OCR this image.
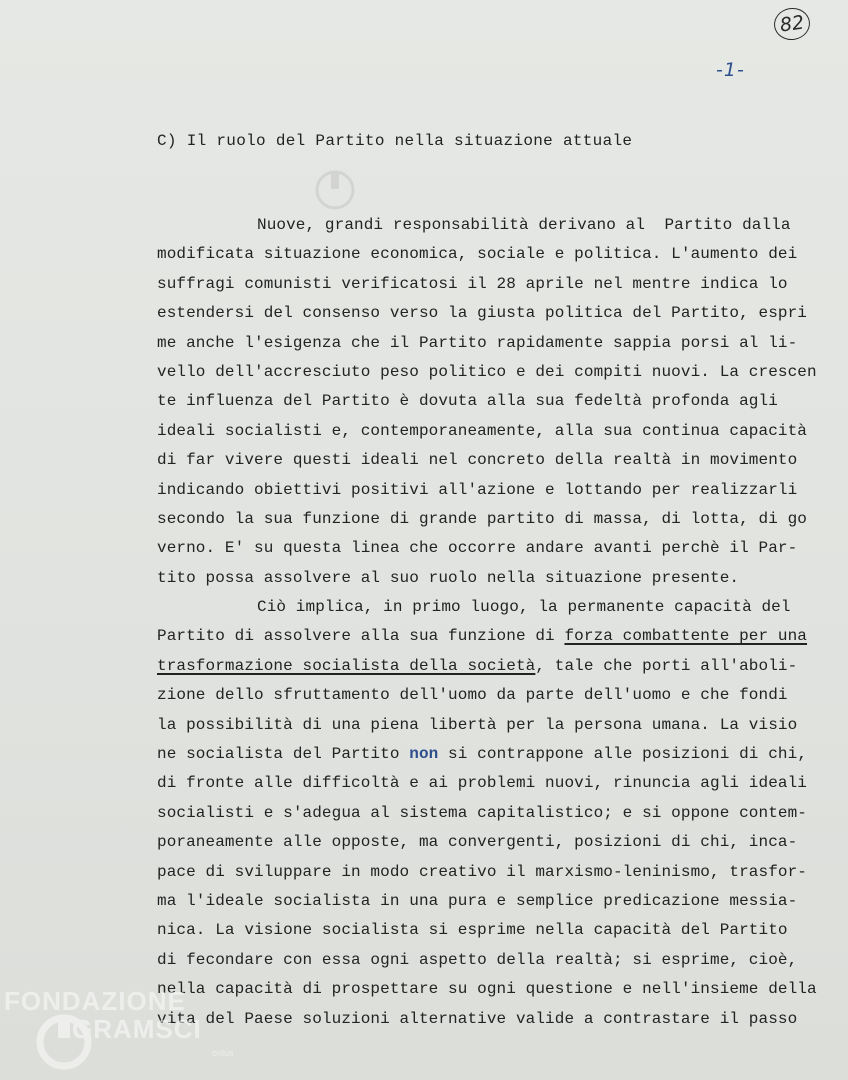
82
-1-
C) Il ruolo del Partito nella situazione attuale
Nuove, grandi responsabilità derivano al  Partito dalla
modificata situazione economica, sociale e politica. L'aumento dei
suffragi comunisti verificatosi il 28 aprile nel mentre indica lo
estendersi del consenso verso la giusta politica del Partito, espri
me anche l'esigenza che il Partito rapidamente sappia porsi al li-
vello dell'accresciuto peso politico e dei compiti nuovi. La crescen
te influenza del Partito è dovuta alla sua fedeltà profonda agli
ideali socialisti e, contemporaneamente, alla sua continua capacità
di far vivere questi ideali nel concreto della realtà in movimento
indicando obiettivi positivi all'azione e lottando per realizzarli
secondo la sua funzione di grande partito di massa, di lotta, di go
verno. E' su questa linea che occorre andare avanti perchè il Par-
tito possa assolvere al suo ruolo nella situazione presente.
Ciò implica, in primo luogo, la permanente capacità del
Partito di assolvere alla sua funzione di forza combattente per una
trasformazione socialista della società, tale che porti all'aboli-
zione dello sfruttamento dell'uomo da parte dell'uomo e che fondi
la possibilità di una piena libertà per la persona umana. La visio
ne socialista del Partito non si contrappone alle posizioni di chi,
di fronte alle difficoltà e ai problemi nuovi, rinuncia agli ideali
socialisti e s'adegua al sistema capitalistico; e si oppone contem-
poraneamente alle opposte, ma convergenti, posizioni di chi, inca-
pace di sviluppare in modo creativo il marxismo-leninismo, trasfor-
ma l'ideale socialista in una pura e semplice predicazione messia-
nica. La visione socialista si esprime nella capacità del Partito
di fecondare con essa ogni aspetto della realtà; si esprime, cioè,
nella capacità di prospettare su ogni questione e nell'insieme della
vita del Paese soluzioni alternative valide a contrastare il passo
FONDAZIONE
GRAMSCI
onlus
